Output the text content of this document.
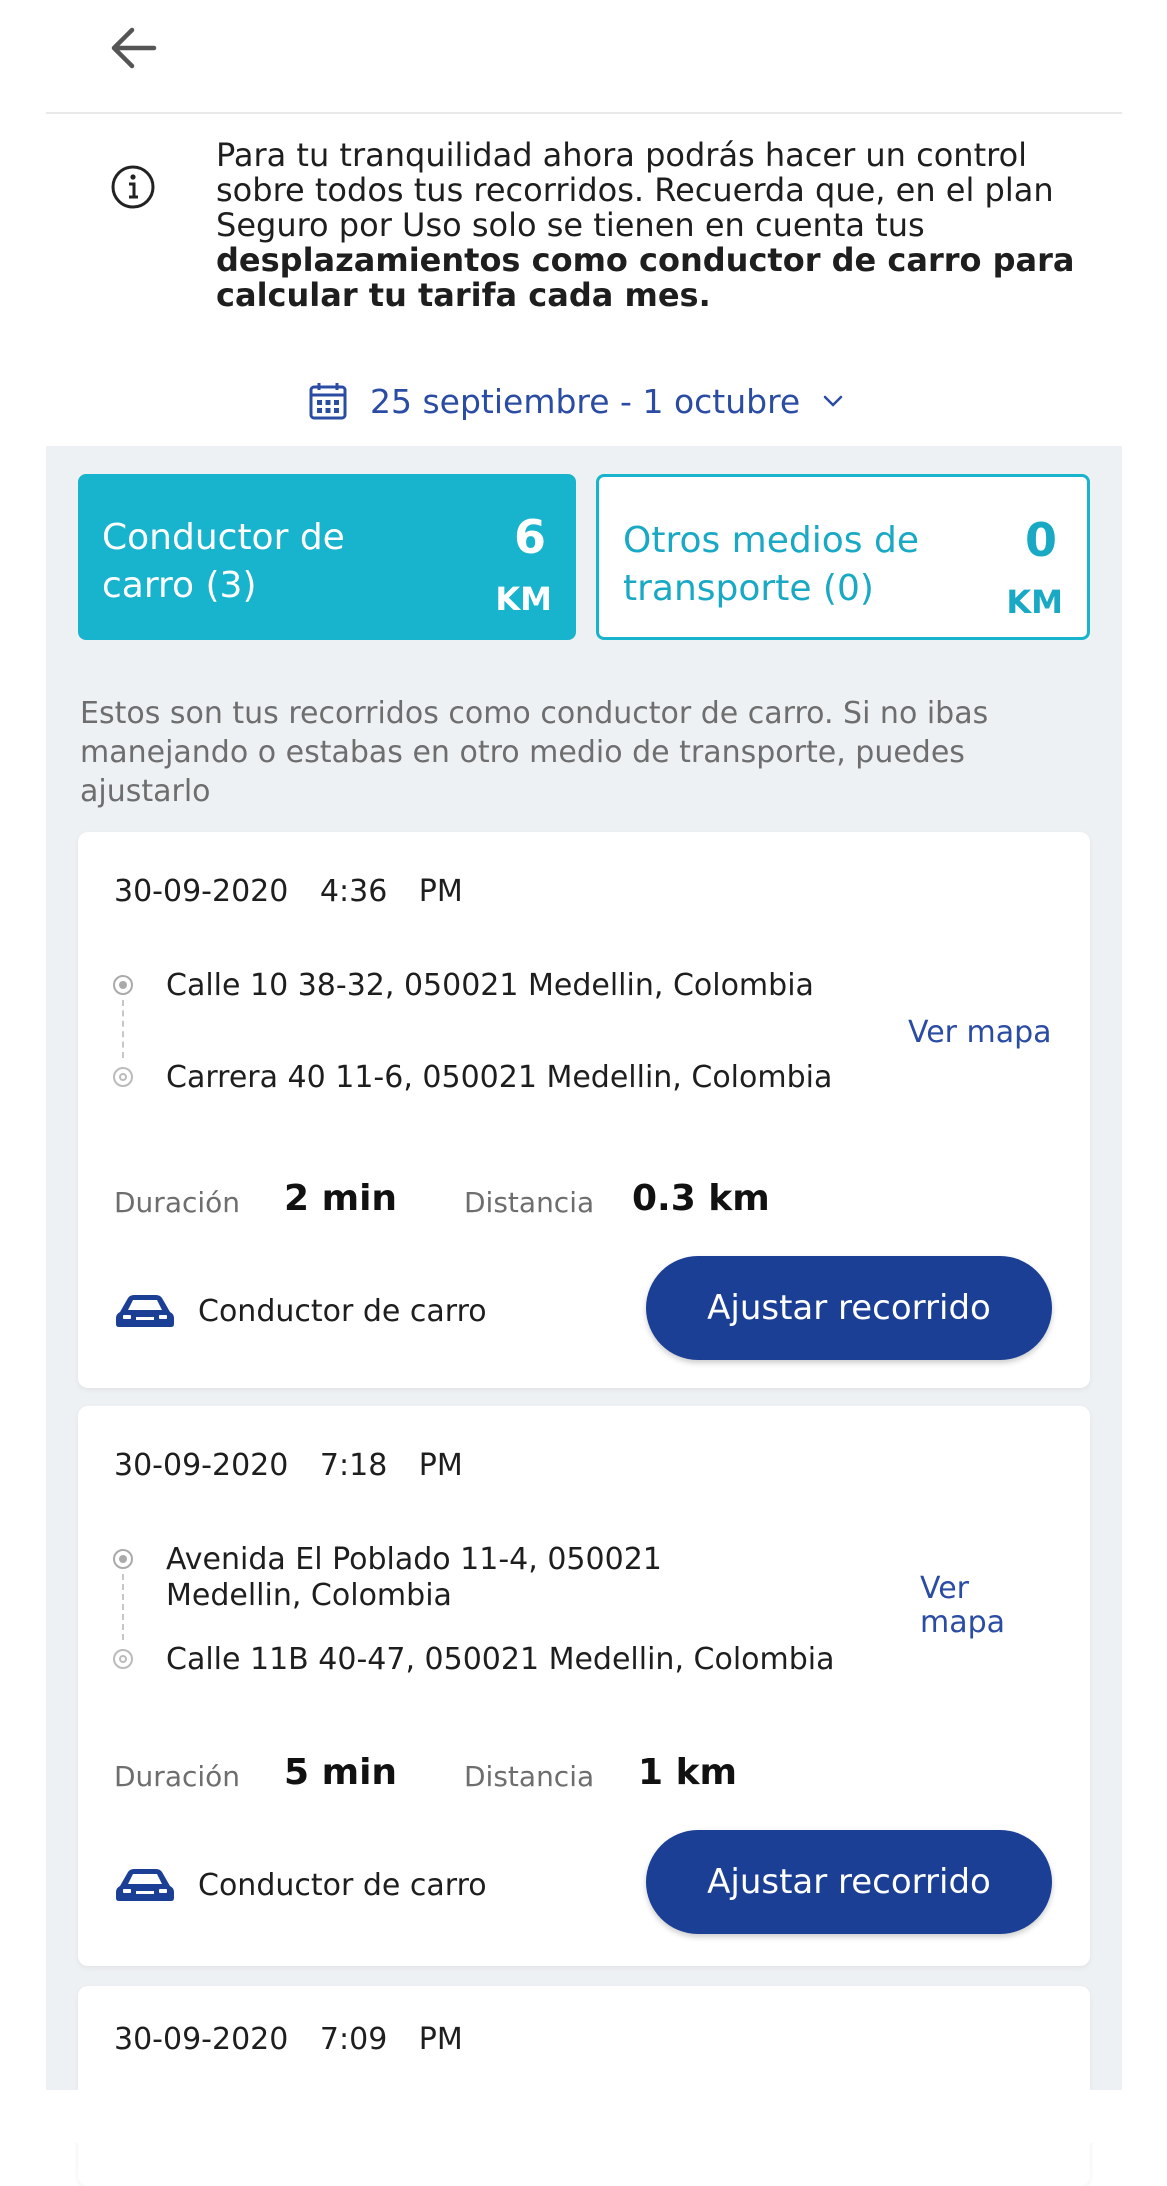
Para tu tranquilidad ahora podrás hacer un control sobre todos tus recorridos. Recuerda que, en el plan Seguro por Uso solo se tienen en cuenta tus desplazamientos como conductor de carro para calcular tu tarifa cada mes.
25 septiembre - 1 octubre
Conductor de carro (3)
6
KM
Otros medios de transporte (0)
0
KM
Estos son tus recorridos como conductor de carro. Si no ibas manejando o estabas en otro medio de transporte, puedes ajustarlo
30-09-2020 4:36 PM
Calle 10 38-32, 050021 Medellin, Colombia
Carrera 40 11-6, 050021 Medellin, Colombia
Ver mapa
Duración 2 min Distancia 0.3 km
Conductor de carro	Ajustar recorrido
30-09-2020 7:18 PM
Avenida El Poblado 11-4, 050021 Medellin, Colombia
Calle 11B 40-47, 050021 Medellin, Colombia
Ver mapa
Duración 5 min Distancia 1 km
Conductor de carro	Ajustar recorrido
30-09-2020 7:09 PM
